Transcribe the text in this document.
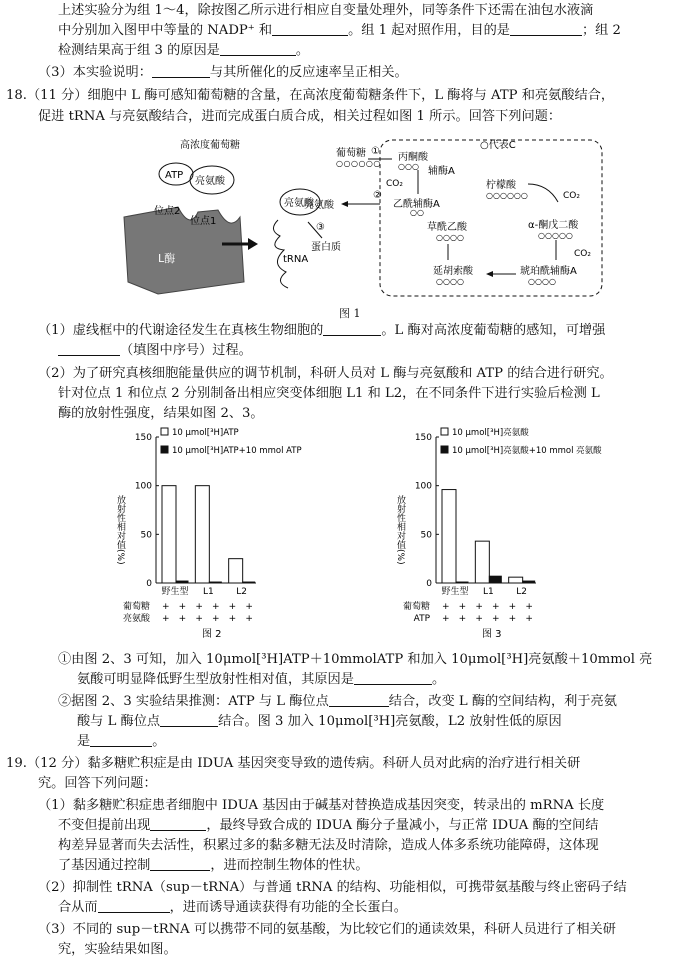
上述实验分为组 1～4，除按图乙所示进行相应自变量处理外，同等条件下还需在油包水液滴
中分别加入图甲中等量的 NADP⁺ 和	。组 1 起对照作用，目的是	；组 2
检测结果高于组 3 的原因是	。
（3）本实验说明：	与其所催化的反应速率呈正相关。
18.（11 分）细胞中 L 酶可感知葡萄糖的含量，在高浓度葡萄糖条件下，L 酶将与 ATP 和亮氨酸结合，
促进 tRNA 与亮氨酸结合，进而完成蛋白质合成，相关过程如图 1 所示。回答下列问题：
高浓度葡萄糖
ATP
亮氨酸
位点2
位点1
L酶
亮氨酸
tRNA
③
蛋白质
葡萄糖
○○○○○○
①
丙酮酸
○○○
○代表C
辅酶A
CO₂
②
亮氨酸	乙酰辅酶A
○○
柠檬酸
○○○○○○	CO₂
草酰乙酸
○○○○
α-酮戊二酸
○○○○○
CO₂
延胡索酸
○○○○
琥珀酰辅酶A
○○○○
图 1
（1）虚线框中的代谢途径发生在真核生物细胞的	。L 酶对高浓度葡萄糖的感知，可增强
（填图中序号）过程。
（2）为了研究真核细胞能量供应的调节机制，科研人员对 L 酶与亮氨酸和 ATP 的结合进行研究。
针对位点 1 和位点 2 分别制备出相应突变体细胞 L1 和 L2，在不同条件下进行实验后检测 L
酶的放射性强度，结果如图 2、3。
0
50
100
150
放射性相对值(%)
10 μmol[³H]ATP
10 μmol[³H]ATP+10 mmol ATP
野生型 L1	L2
葡萄糖 + + + + + +
亮氨酸 + + + + + +
图 2
0
50
100
150
放射性相对值(%)
10 μmol[³H]亮氨酸
10 μmol[³H]亮氨酸+10 mmol 亮氨酸
野生型 L1	L2
葡萄糖 + + + + + +
ATP + + + + + +
图 3
①由图 2、3 可知，加入 10μmol[³H]ATP＋10mmolATP 和加入 10μmol[³H]亮氨酸＋10mmol 亮
氨酸可明显降低野生型放射性相对值，其原因是	。
②据图 2、3 实验结果推测：ATP 与 L 酶位点	结合，改变 L 酶的空间结构，利于亮氨
酸与 L 酶位点	结合。图 3 加入 10μmol[³H]亮氨酸，L2 放射性低的原因
是	。
19.（12 分）黏多糖贮积症是由 IDUA 基因突变导致的遗传病。科研人员对此病的治疗进行相关研
究。回答下列问题：
（1）黏多糖贮积症患者细胞中 IDUA 基因由于碱基对替换造成基因突变，转录出的 mRNA 长度
不变但提前出现	，最终导致合成的 IDUA 酶分子量减小，与正常 IDUA 酶的空间结
构差异显著而失去活性，积累过多的黏多糖无法及时清除，造成人体多系统功能障碍，这体现
了基因通过控制	，进而控制生物体的性状。
（2）抑制性 tRNA（sup－tRNA）与普通 tRNA 的结构、功能相似，可携带氨基酸与终止密码子结
合从而	，进而诱导通读获得有功能的全长蛋白。
（3）不同的 sup－tRNA 可以携带不同的氨基酸，为比较它们的通读效果，科研人员进行了相关研
究，实验结果如图。
